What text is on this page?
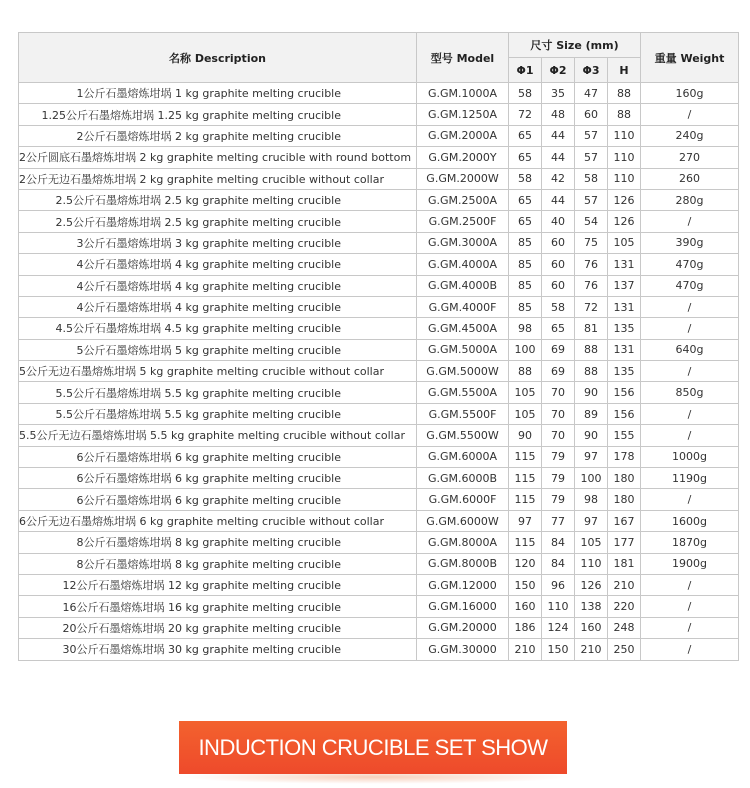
名称 Description	型号 Model	尺寸 Size (mm)				重量 Weight
		Φ1	Φ2	Φ3	H	
1公斤石墨熔炼坩埚 1 kg graphite melting crucible	G.GM.1000A	58	35	47	88	160g
1.25公斤石墨熔炼坩埚 1.25 kg graphite melting crucible	G.GM.1250A	72	48	60	88	/
2公斤石墨熔炼坩埚 2 kg graphite melting crucible	G.GM.2000A	65	44	57	110	240g
2公斤圆底石墨熔炼坩埚 2 kg graphite melting crucible with round bottom	G.GM.2000Y	65	44	57	110	270
2公斤无边石墨熔炼坩埚 2 kg graphite melting crucible without collar	G.GM.2000W	58	42	58	110	260
2.5公斤石墨熔炼坩埚 2.5 kg graphite melting crucible	G.GM.2500A	65	44	57	126	280g
2.5公斤石墨熔炼坩埚 2.5 kg graphite melting crucible	G.GM.2500F	65	40	54	126	/
3公斤石墨熔炼坩埚 3 kg graphite melting crucible	G.GM.3000A	85	60	75	105	390g
4公斤石墨熔炼坩埚 4 kg graphite melting crucible	G.GM.4000A	85	60	76	131	470g
4公斤石墨熔炼坩埚 4 kg graphite melting crucible	G.GM.4000B	85	60	76	137	470g
4公斤石墨熔炼坩埚 4 kg graphite melting crucible	G.GM.4000F	85	58	72	131	/
4.5公斤石墨熔炼坩埚 4.5 kg graphite melting crucible	G.GM.4500A	98	65	81	135	/
5公斤石墨熔炼坩埚 5 kg graphite melting crucible	G.GM.5000A	100	69	88	131	640g
5公斤无边石墨熔炼坩埚 5 kg graphite melting crucible without collar	G.GM.5000W	88	69	88	135	/
5.5公斤石墨熔炼坩埚 5.5 kg graphite melting crucible	G.GM.5500A	105	70	90	156	850g
5.5公斤石墨熔炼坩埚 5.5 kg graphite melting crucible	G.GM.5500F	105	70	89	156	/
5.5公斤无边石墨熔炼坩埚 5.5 kg graphite melting crucible without collar	G.GM.5500W	90	70	90	155	/
6公斤石墨熔炼坩埚 6 kg graphite melting crucible	G.GM.6000A	115	79	97	178	1000g
6公斤石墨熔炼坩埚 6 kg graphite melting crucible	G.GM.6000B	115	79	100	180	1190g
6公斤石墨熔炼坩埚 6 kg graphite melting crucible	G.GM.6000F	115	79	98	180	/
6公斤无边石墨熔炼坩埚 6 kg graphite melting crucible without collar	G.GM.6000W	97	77	97	167	1600g
8公斤石墨熔炼坩埚 8 kg graphite melting crucible	G.GM.8000A	115	84	105	177	1870g
8公斤石墨熔炼坩埚 8 kg graphite melting crucible	G.GM.8000B	120	84	110	181	1900g
12公斤石墨熔炼坩埚 12 kg graphite melting crucible	G.GM.12000	150	96	126	210	/
16公斤石墨熔炼坩埚 16 kg graphite melting crucible	G.GM.16000	160	110	138	220	/
20公斤石墨熔炼坩埚 20 kg graphite melting crucible	G.GM.20000	186	124	160	248	/
30公斤石墨熔炼坩埚 30 kg graphite melting crucible	G.GM.30000	210	150	210	250	/
INDUCTION CRUCIBLE SET SHOW
